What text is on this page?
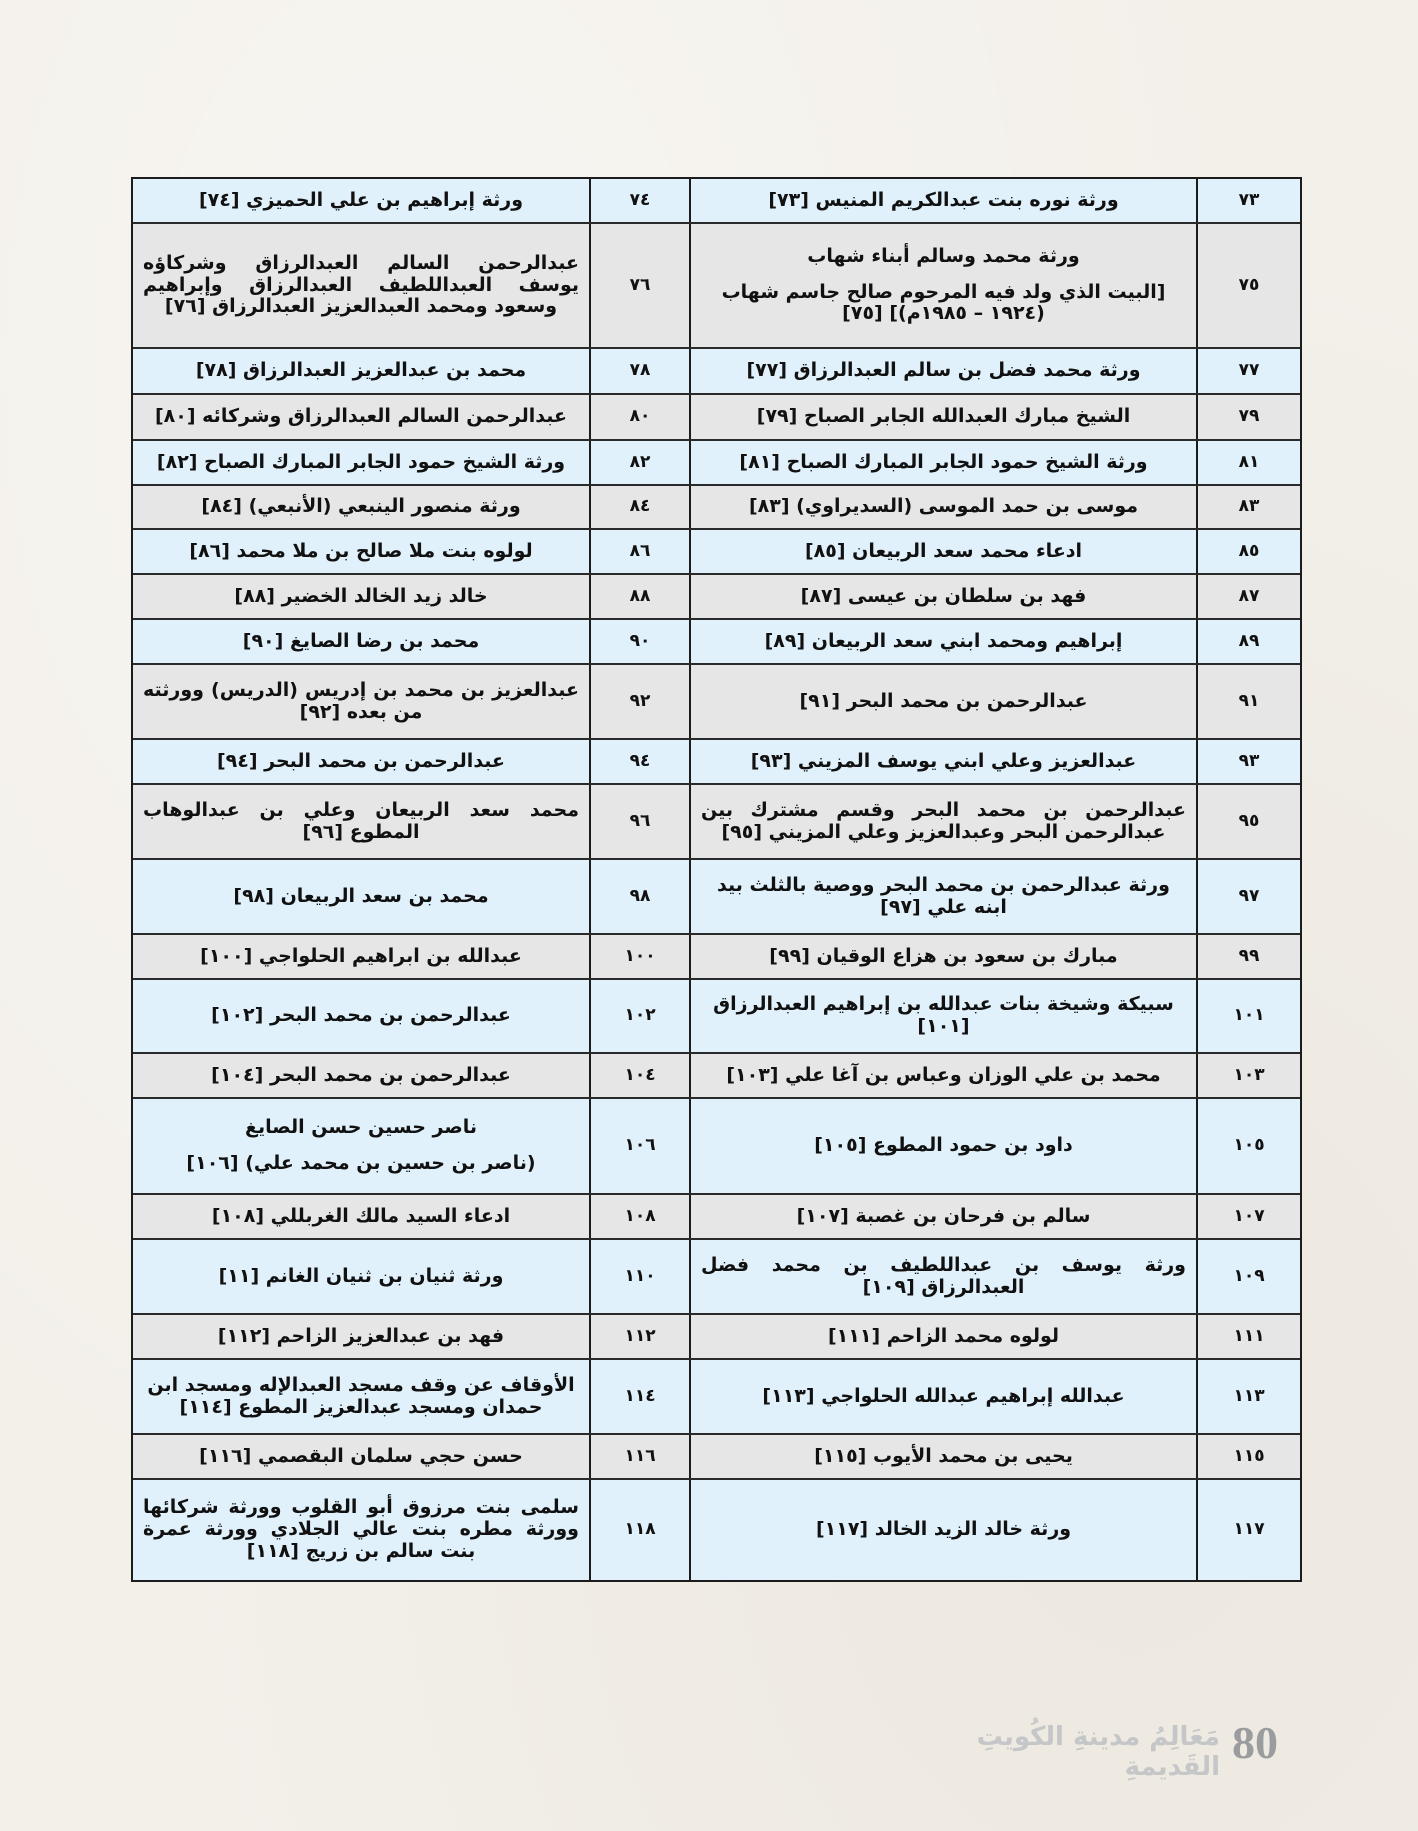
٧٣
ورثة نوره بنت عبدالكريم المنيس [٧٣]
٧٤
ورثة إبراهيم بن علي الحميزي [٧٤]
٧٥
ورثة محمد وسالم أبناء شهاب
[البيت الذي ولد فيه المرحوم صالح جاسم شهاب (١٩٢٤ – ١٩٨٥م)] [٧٥]
٧٦
عبدالرحمن السالم العبدالرزاق وشركاؤه يوسف العبداللطيف العبدالرزاق وإبراهيم وسعود ومحمد العبدالعزيز العبدالرزاق [٧٦]
٧٧
ورثة محمد فضل بن سالم العبدالرزاق [٧٧]
٧٨
محمد بن عبدالعزيز العبدالرزاق [٧٨]
٧٩
الشيخ مبارك العبدالله الجابر الصباح [٧٩]
٨٠
عبدالرحمن السالم العبدالرزاق وشركائه [٨٠]
٨١
ورثة الشيخ حمود الجابر المبارك الصباح [٨١]
٨٢
ورثة الشيخ حمود الجابر المبارك الصباح [٨٢]
٨٣
موسى بن حمد الموسى (السديراوي) [٨٣]
٨٤
ورثة منصور الينبعي (الأنبعي) [٨٤]
٨٥
ادعاء محمد سعد الربيعان [٨٥]
٨٦
لولوه بنت ملا صالح بن ملا محمد [٨٦]
٨٧
فهد بن سلطان بن عيسى [٨٧]
٨٨
خالد زيد الخالد الخضير [٨٨]
٨٩
إبراهيم ومحمد ابني سعد الربيعان [٨٩]
٩٠
محمد بن رضا الصايغ [٩٠]
٩١
عبدالرحمن بن محمد البحر [٩١]
٩٢
عبدالعزيز بن محمد بن إدريس (الدريس) وورثته من بعده [٩٢]
٩٣
عبدالعزيز وعلي ابني يوسف المزيني [٩٣]
٩٤
عبدالرحمن بن محمد البحر [٩٤]
٩٥
عبدالرحمن بن محمد البحر وقسم مشترك بين عبدالرحمن البحر وعبدالعزيز وعلي المزيني [٩٥]
٩٦
محمد سعد الربيعان وعلي بن عبدالوهاب المطوع [٩٦]
٩٧
ورثة عبدالرحمن بن محمد البحر ووصية بالثلث بيد ابنه علي [٩٧]
٩٨
محمد بن سعد الربيعان [٩٨]
٩٩
مبارك بن سعود بن هزاع الوقيان [٩٩]
١٠٠
عبدالله بن ابراهيم الحلواجي [١٠٠]
١٠١
سبيكة وشيخة بنات عبدالله بن إبراهيم العبدالرزاق [١٠١]
١٠٢
عبدالرحمن بن محمد البحر [١٠٢]
١٠٣
محمد بن علي الوزان وعباس بن آغا علي [١٠٣]
١٠٤
عبدالرحمن بن محمد البحر [١٠٤]
١٠٥
داود بن حمود المطوع [١٠٥]
١٠٦
ناصر حسين حسن الصايغ
(ناصر بن حسين بن محمد علي) [١٠٦]
١٠٧
سالم بن فرحان بن غصبة [١٠٧]
١٠٨
ادعاء السيد مالك الغربللي [١٠٨]
١٠٩
ورثة يوسف بن عبداللطيف بن محمد فضل العبدالرزاق [١٠٩]
١١٠
ورثة ثنيان بن ثنيان الغانم [١١]
١١١
لولوه محمد الزاحم [١١١]
١١٢
فهد بن عبدالعزيز الزاحم [١١٢]
١١٣
عبدالله إبراهيم عبدالله الحلواجي [١١٣]
١١٤
الأوقاف عن وقف مسجد العبدالإله ومسجد ابن حمدان ومسجد عبدالعزيز المطوع [١١٤]
١١٥
يحيى بن محمد الأيوب [١١٥]
١١٦
حسن حجي سلمان البقصمي [١١٦]
١١٧
ورثة خالد الزيد الخالد [١١٧]
١١٨
سلمى بنت مرزوق أبو القلوب وورثة شركائها وورثة مطره بنت عالي الجلادي وورثة عمرة بنت سالم بن زريج [١١٨]
مَعَالِمُ مدينةِ الكُويتِ القَديمةِ 80
